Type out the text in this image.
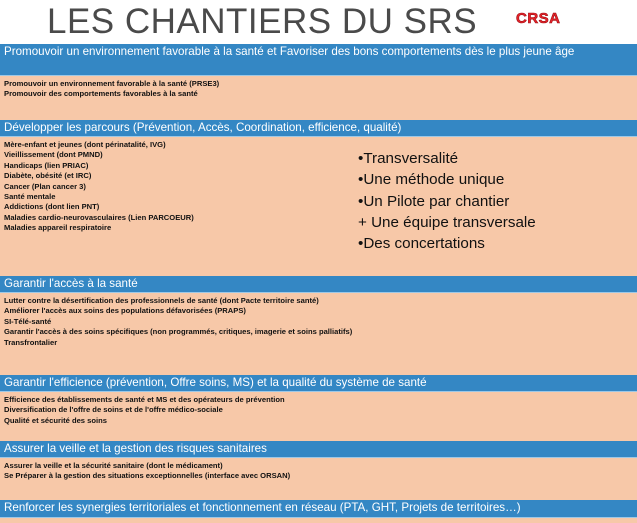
LES CHANTIERS DU SRS	CRSA
Promouvoir un environnement favorable à la santé et Favoriser des bons comportements dès le plus jeune âge
Promouvoir un environnement favorable à la santé (PRSE3)
Promouvoir des comportements favorables à la santé
Développer les parcours (Prévention, Accès, Coordination, efficience, qualité)
Mère-enfant et jeunes (dont périnatalité, IVG)
Vieillissement (dont PMND)
Handicaps (lien PRIAC)
Diabète, obésité (et IRC)
Cancer (Plan cancer 3)
Santé mentale
Addictions (dont lien PNT)
Maladies cardio-neurovasculaires (Lien PARCOEUR)
Maladies appareil respiratoire
Garantir l'accès à la santé
Lutter contre la désertification des professionnels de santé (dont Pacte territoire santé)
Améliorer l'accès aux soins des populations défavorisées (PRAPS)
SI-Télé-santé
Garantir l'accès à des soins spécifiques (non programmés, critiques, imagerie et soins palliatifs)
Transfrontalier
Garantir l'efficience (prévention, Offre soins, MS) et la qualité du système de santé
Efficience des établissements de santé et MS et des opérateurs de prévention
Diversification de l'offre de soins et de l'offre médico-sociale
Qualité et sécurité des soins
Assurer la veille et la gestion des risques sanitaires
Assurer la veille et la sécurité sanitaire (dont le médicament)
Se Préparer à la gestion des situations exceptionnelles (interface avec ORSAN)
Renforcer les synergies territoriales et fonctionnement en réseau (PTA, GHT, Projets de territoires…)
•Transversalité
•Une méthode unique
•Un Pilote par chantier
+ Une équipe transversale
•Des concertations
